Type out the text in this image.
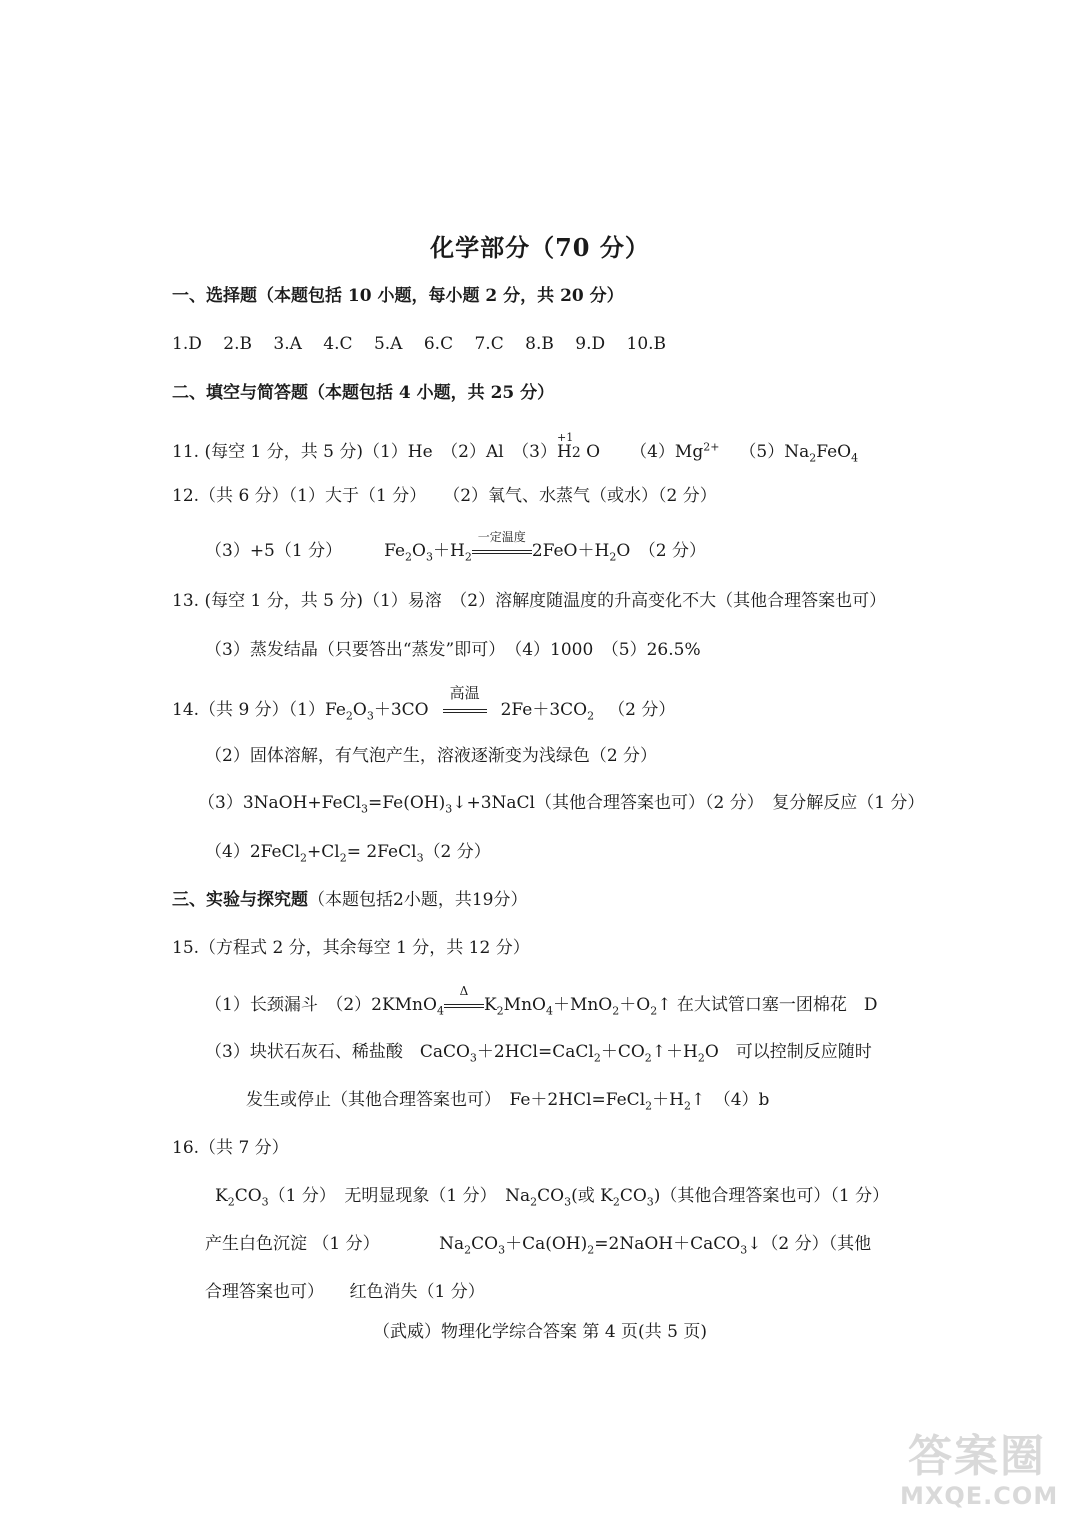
化学部分（70 分）
一、选择题（本题包括 10 小题，每小题 2 分，共 20 分）
1.D 2.B 3.A 4.C 5.A 6.C 7.C 8.B 9.D 10.B
二、填空与简答题（本题包括 4 小题，共 25 分）
11. (每空 1 分，共 5 分)（1）He　（2）Al　（3）
+1
H2 O $(4)Mg^{2+}$ $(5)Na_2FeO_4$
12.（共 6 分）（1）大于（1 分）　　（2）氧气、水蒸气（或水）（2 分）
（3）+5（1 分） $Fe_2O_3+H_2$
一定温度
$2FeO+H_2O$　（2 分）
13. (每空 1 分，共 5 分)（1）易溶　（2）溶解度随温度的升高变化不大（其他合理答案也可）
（3）蒸发结晶（只要答出“蒸发”即可）　（4）1000　（5）26.5%
14.（共 9 分）$(1)Fe_2O_3+3CO$
高温
$2Fe+3CO_2$ （2 分）
（2）固体溶解，有气泡产生，溶液逐渐变为浅绿色（2 分）
$(3)3NaOH+FeCl_3=Fe(OH)_3↓+3NaCl$（其他合理答案也可）（2 分）　复分解反应（1 分）
$(4)2FeCl_2+Cl_2=$ 2FeCl$_3$（2 分）
三、实验与探究题（本题包括2小题，共19分）
15.（方程式 2 分，其余每空 1 分，共 12 分）
（1）长颈漏斗　（2）2KMnO$_4$
Δ
$K_2MnO_4+MnO_2+O_2↑$ 在大试管口塞一团棉花　D
（3）块状石灰石、稀盐酸　$CaCO_3+2HCl=CaCl_2+CO_2↑+H_2O$　可以控制反应随时
发生或停止（其他合理答案也可）　$Fe+2HCl=FeCl_2+H_2↑$　（4）b
16.（共 7 分）
$K_2CO_3(1$ 分）　无明显现象（1 分）　$Na_2CO_3$(或 $K_2CO_3$)（其他合理答案也可）（1 分）
产生白色沉淀 （1 分）　　　　$Na_2CO_3+Ca(OH)_2=2NaOH+CaCO_3↓(2$ 分）（其他
合理答案也可）　　红色消失（1 分）
（武威）物理化学综合答案 第 4 页(共 5 页)
答案圈
MXQE.COM
